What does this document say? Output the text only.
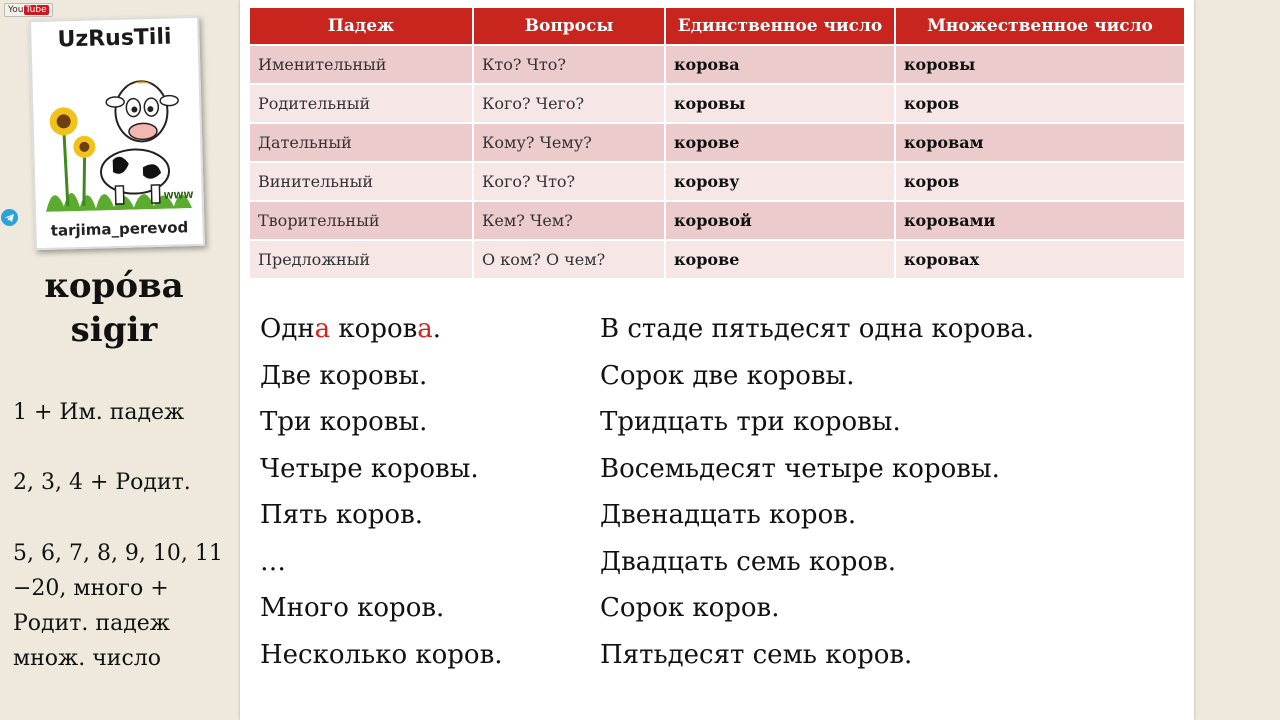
You Tube
UzRusTili
WWW
tarjima_perevod
коро́ва
sigir
1 + Им. падеж
2, 3, 4 + Родит.
5, 6, 7, 8, 9, 10, 11 −20, много + Родит. падеж множ. число
Падеж	Вопросы	Единственное число	Множественное число
Именительный	Кто? Что?	корова	коровы
Родительный	Кого? Чего?	коровы	коров
Дательный	Кому? Чему?	корове	коровам
Винительный	Кого? Что?	корову	коров
Творительный	Кем? Чем?	коровой	коровами
Предложный	О ком? О чем?	корове	коровах
Одна корова.
Две коровы.
Три коровы.
Четыре коровы.
Пять коров.
…
Много коров.
Несколько коров.
В стаде пятьдесят одна корова.
Сорок две коровы.
Тридцать три коровы.
Восемьдесят четыре коровы.
Двенадцать коров.
Двадцать семь коров.
Сорок коров.
Пятьдесят семь коров.
